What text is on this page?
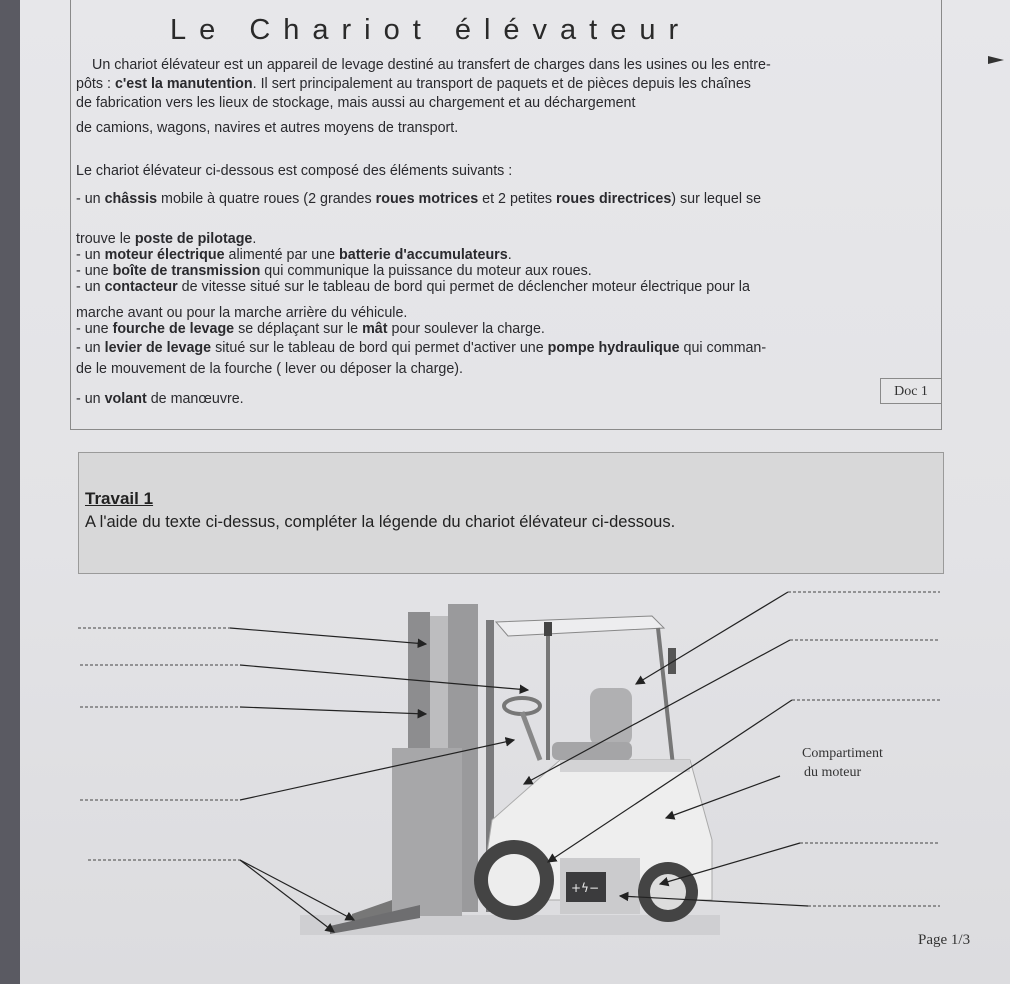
Le Chariot élévateur
Un chariot élévateur est un appareil de levage destiné au transfert de charges dans les usines ou les entre-
pôts : c'est la manutention. Il sert principalement au transport de paquets et de pièces depuis les chaînes
de fabrication vers les lieux de stockage, mais aussi au chargement et au déchargement
de camions, wagons, navires et autres moyens de transport.
Le chariot élévateur ci-dessous est composé des éléments suivants :
- un châssis mobile à quatre roues (2 grandes roues motrices et 2 petites roues directrices) sur lequel se
trouve le poste de pilotage.
- un moteur électrique alimenté par une batterie d'accumulateurs.
- une boîte de transmission qui communique la puissance du moteur aux roues.
- un contacteur de vitesse situé sur le tableau de bord qui permet de déclencher moteur électrique pour la
marche avant ou pour la marche arrière du véhicule.
- une fourche de levage se déplaçant sur le mât pour soulever la charge.
- un levier de levage situé sur le tableau de bord qui permet d'activer une pompe hydraulique qui comman-
de le mouvement de la fourche ( lever ou déposer la charge).
- un volant de manœuvre.	Doc 1
Travail 1
A l'aide du texte ci-dessus, compléter la légende du chariot élévateur ci-dessous.
+ϟ−
Compartiment
du moteur
Page 1/3
